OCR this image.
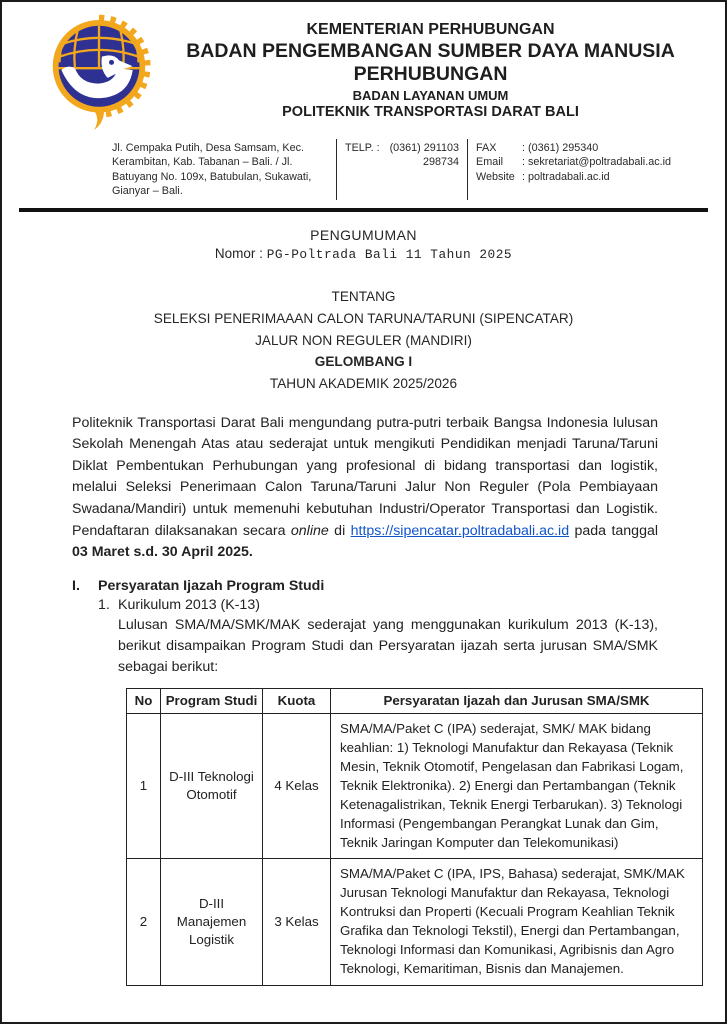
KEMENTERIAN PERHUBUNGAN
BADAN PENGEMBANGAN SUMBER DAYA MANUSIA
PERHUBUNGAN
BADAN LAYANAN UMUM
POLITEKNIK TRANSPORTASI DARAT BALI
Jl. Cempaka Putih, Desa Samsam, Kec. Kerambitan, Kab. Tabanan – Bali. / Jl. Batuyang No. 109x, Batubulan, Sukawati, Gianyar – Bali.
TELP. : (0361) 291103
298734
FAX	: (0361) 295340
Email	: sekretariat@poltradabali.ac.id
Website : poltradabali.ac.id
PENGUMUMAN
Nomor : PG-Poltrada Bali 11 Tahun 2025
TENTANG
SELEKSI PENERIMAAAN CALON TARUNA/TARUNI (SIPENCATAR)
JALUR NON REGULER (MANDIRI)
GELOMBANG I
TAHUN AKADEMIK 2025/2026

Politeknik Transportasi Darat Bali mengundang putra-putri terbaik Bangsa Indonesia lulusan Sekolah Menengah Atas atau sederajat untuk mengikuti Pendidikan menjadi Taruna/Taruni Diklat Pembentukan Perhubungan yang profesional di bidang transportasi dan logistik, melalui Seleksi Penerimaan Calon Taruna/Taruni Jalur Non Reguler (Pola Pembiayaan Swadana/Mandiri) untuk memenuhi kebutuhan Industri/Operator Transportasi dan Logistik. Pendaftaran dilaksanakan secara online di https://sipencatar.poltradabali.ac.id pada tanggal 03 Maret s.d. 30 April 2025.

I.	Persyaratan Ijazah Program Studi
1. Kurikulum 2013 (K-13)
Lulusan SMA/MA/SMK/MAK sederajat yang menggunakan kurikulum 2013 (K-13), berikut disampaikan Program Studi dan Persyaratan ijazah serta jurusan SMA/SMK sebagai berikut:
No	Program Studi	Kuota	Persyaratan Ijazah dan Jurusan SMA/SMK
1	D-III Teknologi Otomotif	4 Kelas	SMA/MA/Paket C (IPA) sederajat, SMK/ MAK bidang keahlian: 1) Teknologi Manufaktur dan Rekayasa (Teknik Mesin, Teknik Otomotif, Pengelasan dan Fabrikasi Logam, Teknik Elektronika). 2) Energi dan Pertambangan (Teknik Ketenagalistrikan, Teknik Energi Terbarukan). 3) Teknologi Informasi (Pengembangan Perangkat Lunak dan Gim, Teknik Jaringan Komputer dan Telekomunikasi)
2	D-III Manajemen Logistik	3 Kelas	SMA/MA/Paket C (IPA, IPS, Bahasa) sederajat, SMK/MAK Jurusan Teknologi Manufaktur dan Rekayasa, Teknologi Kontruksi dan Properti (Kecuali Program Keahlian Teknik Grafika dan Teknologi Tekstil), Energi dan Pertambangan, Teknologi Informasi dan Komunikasi, Agribisnis dan Agro Teknologi, Kemaritiman, Bisnis dan Manajemen.
